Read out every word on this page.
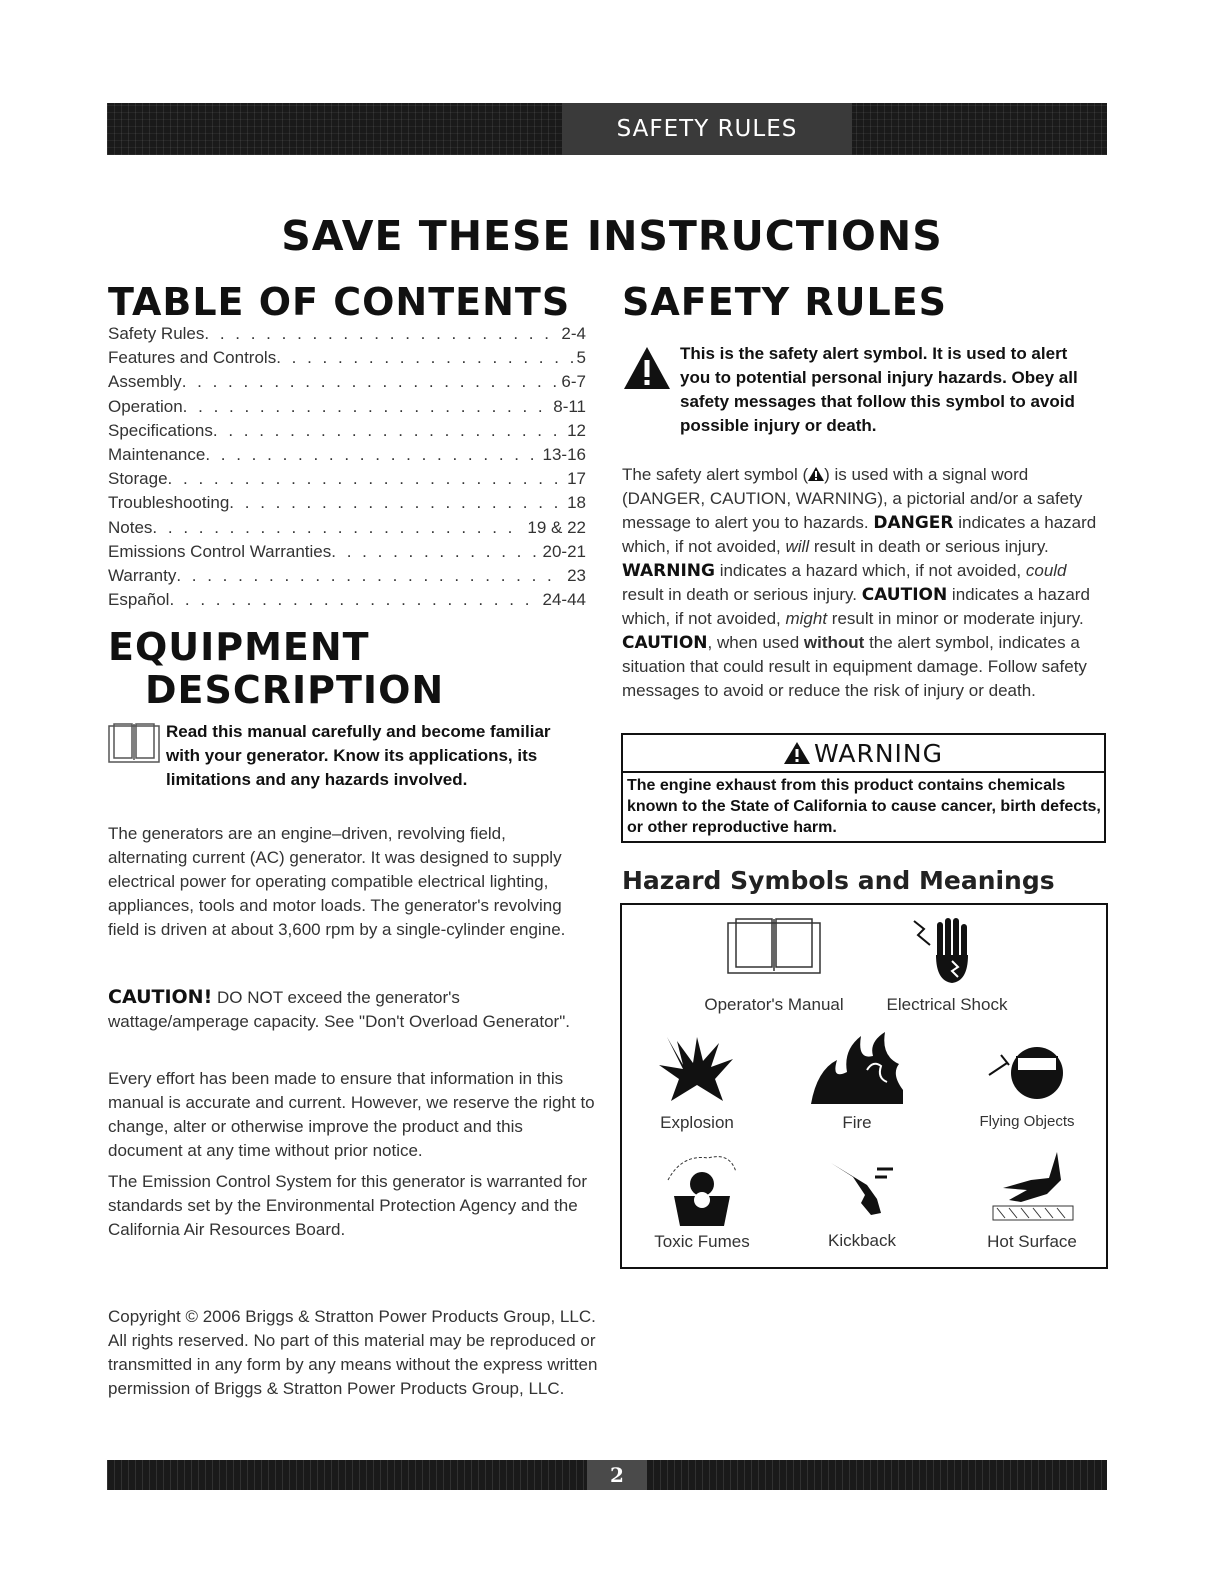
SAFETY RULES
SAVE THESE INSTRUCTIONS
TABLE OF CONTENTS
Safety Rules . . .	2-4
Features and Controls . . .	5
Assembly . . .	6-7
Operation . . .	8-11
Specifications . . .	12
Maintenance . . .	13-16
Storage . . .	17
Troubleshooting . . .	18
Notes . . .	19 & 22
Emissions Control Warranties . . .	20-21
Warranty . . .	23
Español . . .	24-44
EQUIPMENT
DESCRIPTION

Read this manual carefully and become familiar with your generator. Know its applications, its limitations and any hazards involved.

The generators are an engine–driven, revolving field, alternating current (AC) generator. It was designed to supply electrical power for operating compatible electrical lighting, appliances, tools and motor loads. The generator's revolving field is driven at about 3,600 rpm by a single-cylinder engine.

CAUTION! DO NOT exceed the generator's wattage/amperage capacity. See "Don't Overload Generator".

Every effort has been made to ensure that information in this manual is accurate and current. However, we reserve the right to change, alter or otherwise improve the product and this document at any time without prior notice.

The Emission Control System for this generator is warranted for standards set by the Environmental Protection Agency and the California Air Resources Board.

Copyright © 2006 Briggs & Stratton Power Products Group, LLC. All rights reserved. No part of this material may be reproduced or transmitted in any form by any means without the express written permission of Briggs & Stratton Power Products Group, LLC.

SAFETY RULES

This is the safety alert symbol. It is used to alert you to potential personal injury hazards. Obey all safety messages that follow this symbol to avoid possible injury or death.

The safety alert symbol ( ) is used with a signal word (DANGER, CAUTION, WARNING), a pictorial and/or a safety message to alert you to hazards. DANGER indicates a hazard which, if not avoided, will result in death or serious injury. WARNING indicates a hazard which, if not avoided, could result in death or serious injury. CAUTION indicates a hazard which, if not avoided, might result in minor or moderate injury. CAUTION, when used without the alert symbol, indicates a situation that could result in equipment damage. Follow safety messages to avoid or reduce the risk of injury or death.

WARNING
The engine exhaust from this product contains chemicals known to the State of California to cause cancer, birth defects, or other reproductive harm.
Hazard Symbols and Meanings
Operator's Manual	Electrical Shock
Explosion	Fire	Flying Objects
Toxic Fumes	Kickback	Hot Surface
2
